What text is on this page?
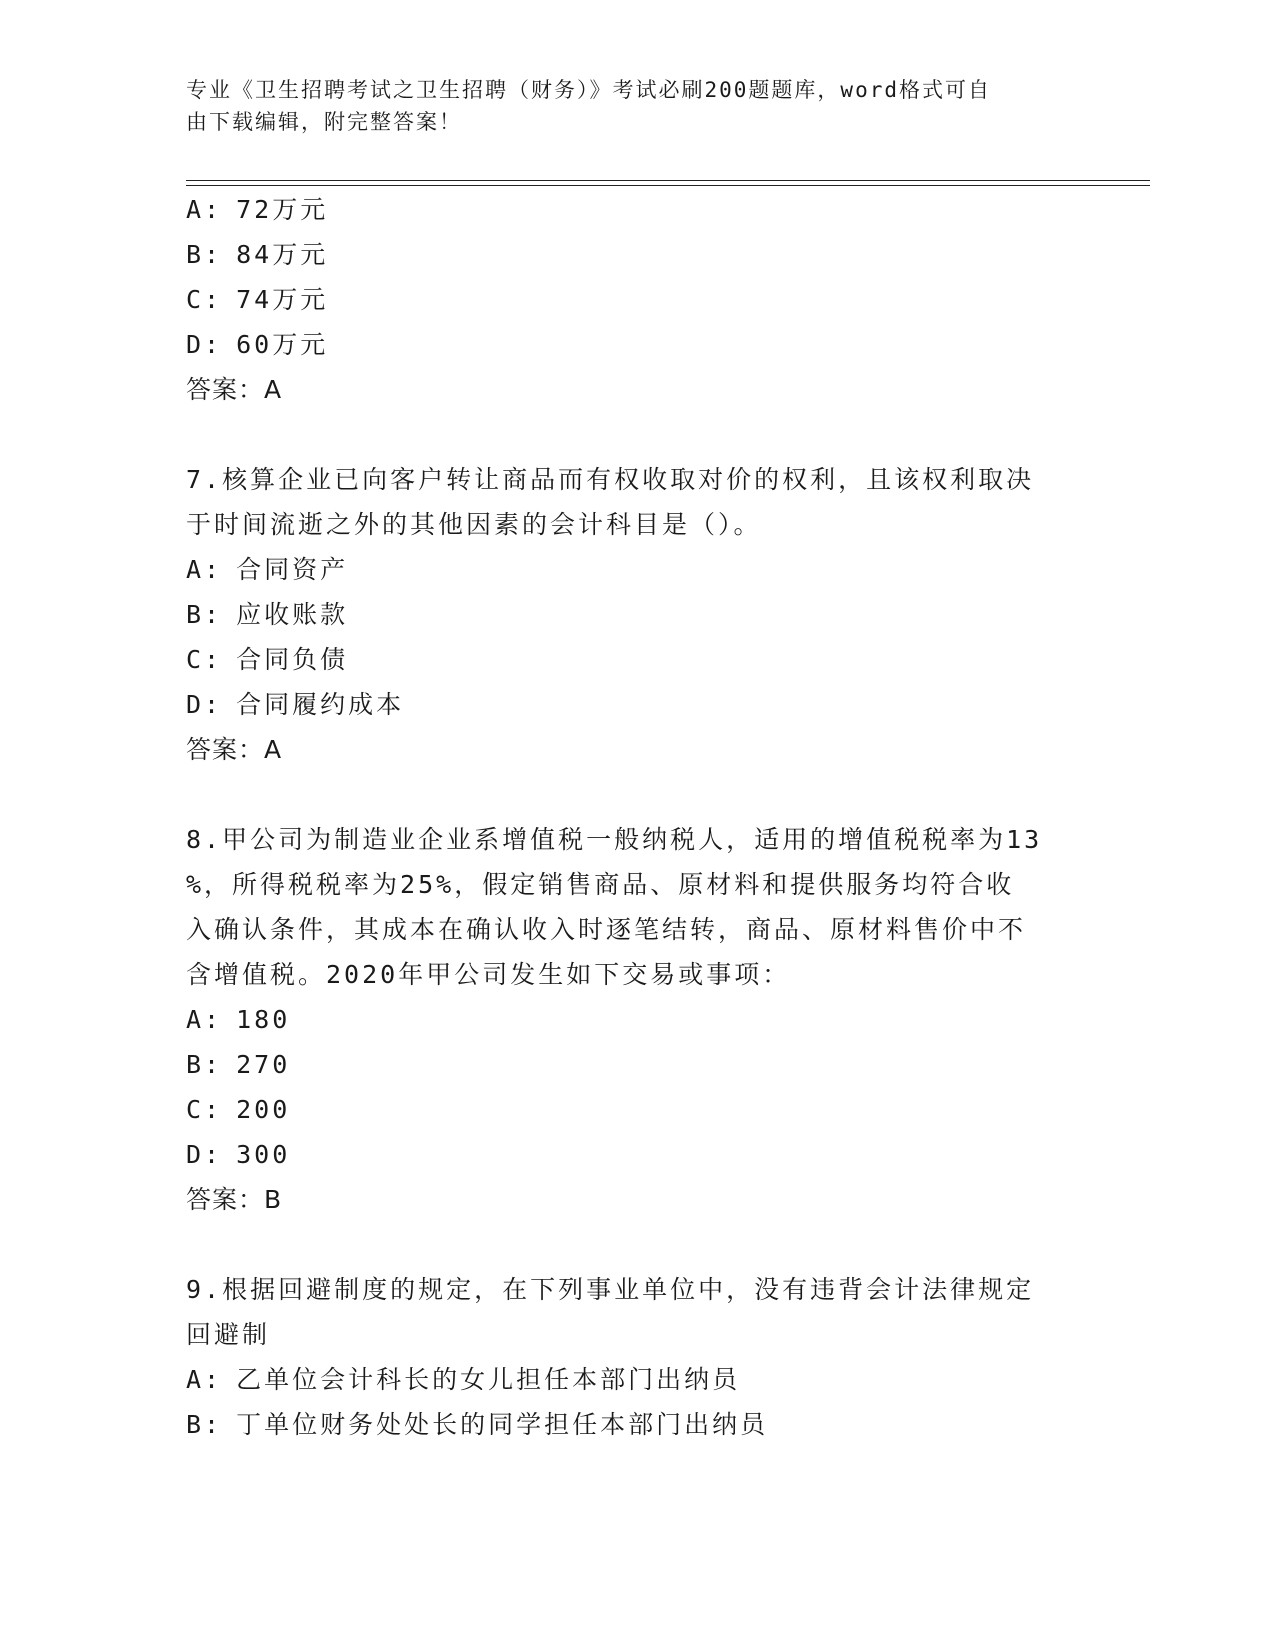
专业《卫生招聘考试之卫生招聘（财务）》考试必刷200题题库，word格式可自
由下载编辑，附完整答案！
A: 72万元
B: 84万元
C: 74万元
D: 60万元
答案：A
7.核算企业已向客户转让商品而有权收取对价的权利，且该权利取决
于时间流逝之外的其他因素的会计科目是（）。
A: 合同资产
B: 应收账款
C: 合同负债
D: 合同履约成本
答案：A
8.甲公司为制造业企业系增值税一般纳税人，适用的增值税税率为13
%，所得税税率为25%，假定销售商品、原材料和提供服务均符合收
入确认条件，其成本在确认收入时逐笔结转，商品、原材料售价中不
含增值税。2020年甲公司发生如下交易或事项：
A: 180
B: 270
C: 200
D: 300
答案：B
9.根据回避制度的规定，在下列事业单位中，没有违背会计法律规定
回避制
A: 乙单位会计科长的女儿担任本部门出纳员
B: 丁单位财务处处长的同学担任本部门出纳员
